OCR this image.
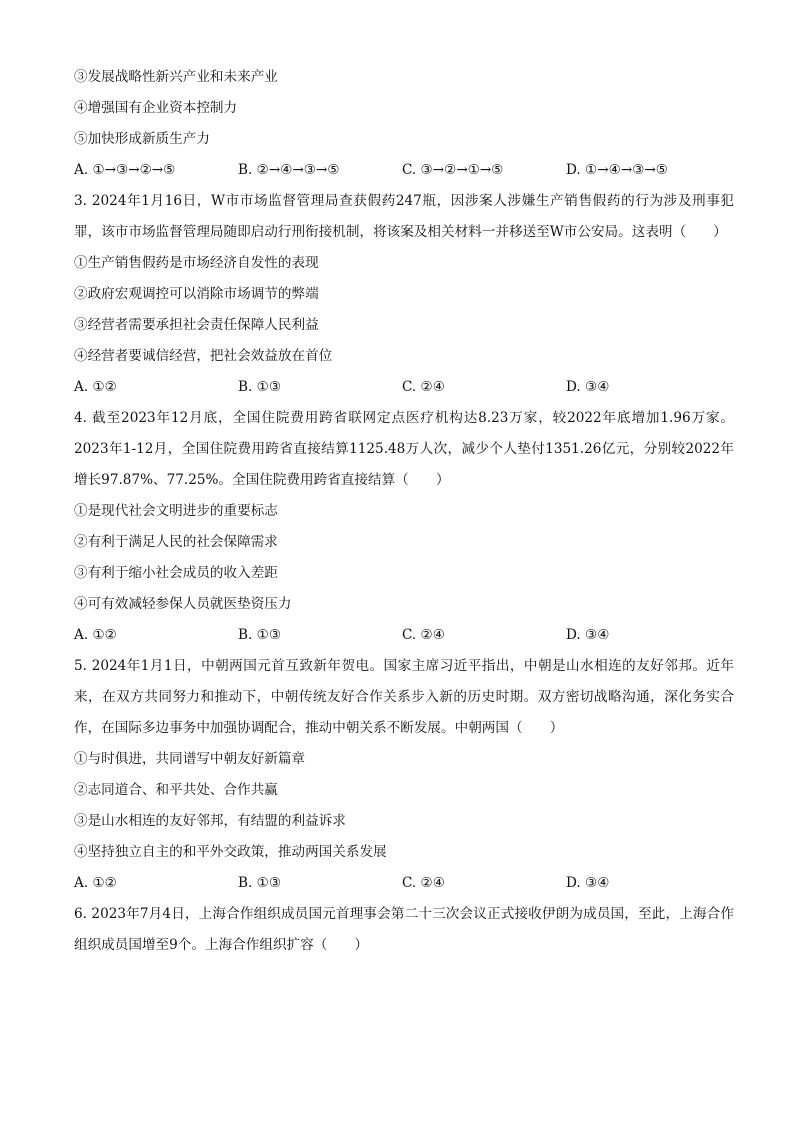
③发展战略性新兴产业和未来产业
④增强国有企业资本控制力
⑤加快形成新质生产力
A. ①→③→②→⑤	B. ②→④→③→⑤	C. ③→②→①→⑤	D. ①→④→③→⑤
3. 2024年1月16日，W市市场监督管理局查获假药247瓶，因涉案人涉嫌生产销售假药的行为涉及刑事犯罪，该市市场监督管理局随即启动行刑衔接机制，将该案及相关材料一并移送至W市公安局。这表明（　　）
①生产销售假药是市场经济自发性的表现
②政府宏观调控可以消除市场调节的弊端
③经营者需要承担社会责任保障人民利益
④经营者要诚信经营，把社会效益放在首位
A. ①②	B. ①③	C. ②④	D. ③④
4. 截至2023年12月底，全国住院费用跨省联网定点医疗机构达8.23万家，较2022年底增加1.96万家。2023年1-12月，全国住院费用跨省直接结算1125.48万人次，减少个人垫付1351.26亿元，分别较2022年增长97.87%、77.25%。全国住院费用跨省直接结算（　　）
①是现代社会文明进步的重要标志
②有利于满足人民的社会保障需求
③有利于缩小社会成员的收入差距
④可有效减轻参保人员就医垫资压力
A. ①②	B. ①③	C. ②④	D. ③④
5. 2024年1月1日，中朝两国元首互致新年贺电。国家主席习近平指出，中朝是山水相连的友好邻邦。近年来，在双方共同努力和推动下，中朝传统友好合作关系步入新的历史时期。双方密切战略沟通，深化务实合作，在国际多边事务中加强协调配合，推动中朝关系不断发展。中朝两国（　　）
①与时俱进，共同谱写中朝友好新篇章
②志同道合、和平共处、合作共赢
③是山水相连的友好邻邦，有结盟的利益诉求
④坚持独立自主的和平外交政策，推动两国关系发展
A. ①②	B. ①③	C. ②④	D. ③④
6. 2023年7月4日，上海合作组织成员国元首理事会第二十三次会议正式接收伊朗为成员国，至此，上海合作组织成员国增至9个。上海合作组织扩容（　　）
